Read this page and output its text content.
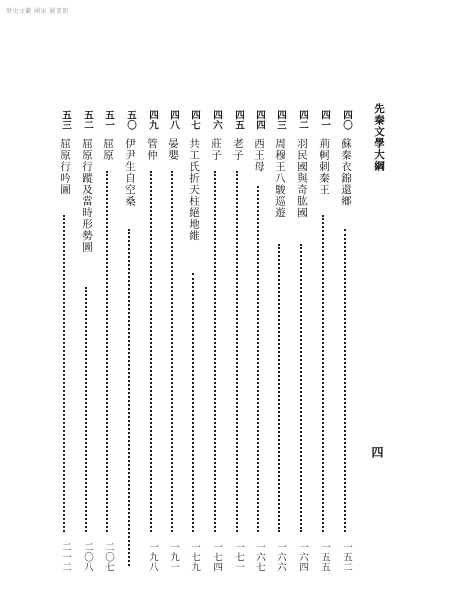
歷史文獻 國家 圖書館
先秦文學大綱
四
四〇
蘇秦衣錦還鄉
一五二
四一
荊軻刺秦王
一五五
四二
羽民國與奇肱國
一六四
四三
周穆王八駿巡遊
一六六
四四
西王母
一六七
四五
老子
一七一
四六
莊子
一七四
四七
共工氏折天柱絕地維
一七九
四八
晏嬰
一九一
四九
管仲
一九八
五〇
伊尹生自空桑
五一
屈原
二〇七
五二
屈原行蹤及當時形勢圖
二〇八
五三
屈原行吟圖
二一二
